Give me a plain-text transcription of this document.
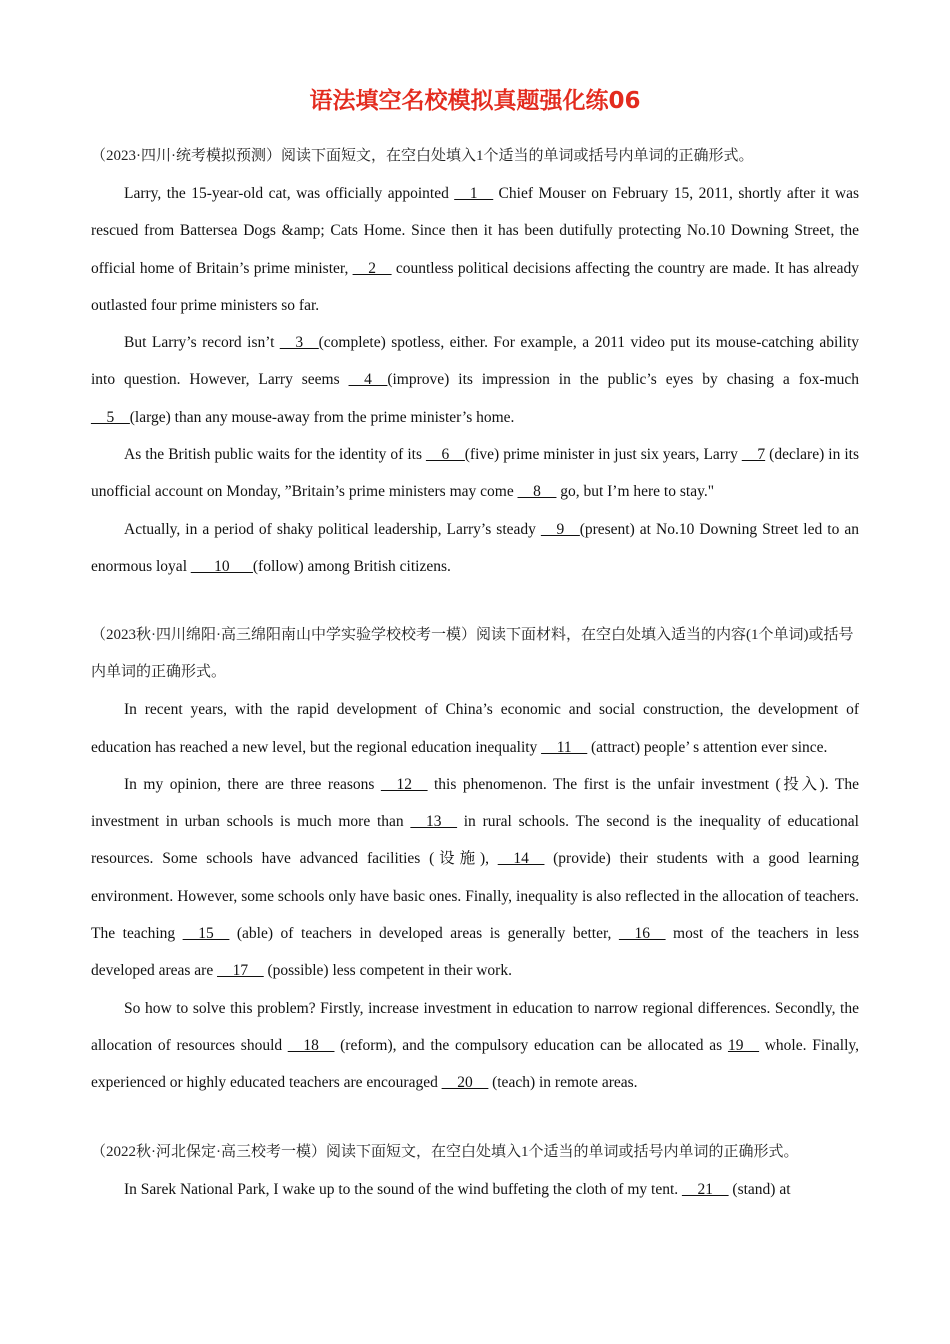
语法填空名校模拟真题强化练06

（2023·四川·统考模拟预测）阅读下面短文，在空白处填入1个适当的单词或括号内单词的正确形式。

Larry, the 15-year-old cat, was officially appointed __1__ Chief Mouser on February 15, 2011, shortly after it was rescued from Battersea Dogs &amp; Cats Home. Since then it has been dutifully protecting No.10 Downing Street, the official home of Britain’s prime minister, __2__ countless political decisions affecting the country are made. It has already outlasted four prime ministers so far.

But Larry’s record isn’t __3__(complete) spotless, either. For example, a 2011 video put its mouse-catching ability into question. However, Larry seems __4__(improve) its impression in the public’s eyes by chasing a fox-much __5__(large) than any mouse-away from the prime minister’s home.

As the British public waits for the identity of its __6__(five) prime minister in just six years, Larry __7 (declare) in its unofficial account on Monday, ”Britain’s prime ministers may come __8__ go, but I’m here to stay."

Actually, in a period of shaky political leadership, Larry’s steady __9__(present) at No.10 Downing Street led to an enormous loyal ___10___(follow) among British citizens.

（2023秋·四川绵阳·高三绵阳南山中学实验学校校考一模）阅读下面材料，在空白处填入适当的内容(1个单词)或括号内单词的正确形式。

In recent years, with the rapid development of China’s economic and social construction, the development of education has reached a new level, but the regional education inequality __11__ (attract) people’ s attention ever since.

In my opinion, there are three reasons __12__ this phenomenon. The first is the unfair investment (投入). The investment in urban schools is much more than __13__ in rural schools. The second is the inequality of educational resources. Some schools have advanced facilities (设施), __14__ (provide) their students with a good learning environment. However, some schools only have basic ones. Finally, inequality is also reflected in the allocation of teachers. The teaching __15__ (able) of teachers in developed areas is generally better, __16__ most of the teachers in less developed areas are __17__ (possible) less competent in their work.

So how to solve this problem? Firstly, increase investment in education to narrow regional differences. Secondly, the allocation of resources should __18__ (reform), and the compulsory education can be allocated as 19__ whole. Finally, experienced or highly educated teachers are encouraged __20__ (teach) in remote areas.

（2022秋·河北保定·高三校考一模）阅读下面短文，在空白处填入1个适当的单词或括号内单词的正确形式。

In Sarek National Park, I wake up to the sound of the wind buffeting the cloth of my tent. __21__ (stand) at
